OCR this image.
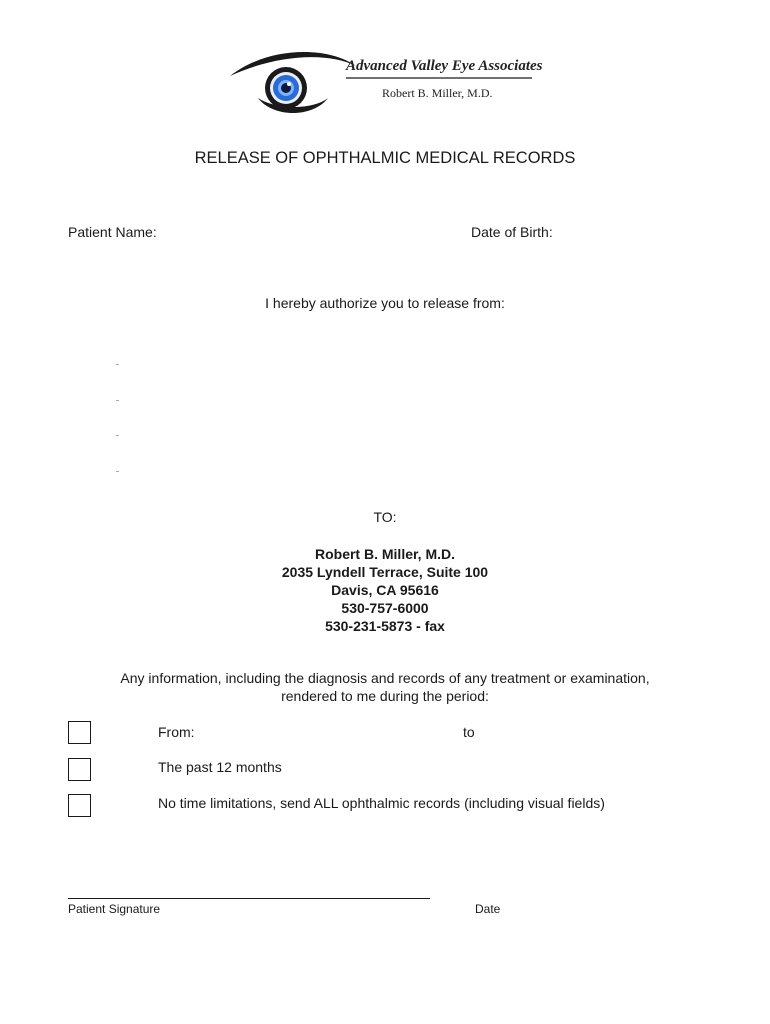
Advanced Valley Eye Associates
Robert B. Miller, M.D.
RELEASE OF OPHTHALMIC MEDICAL RECORDS
Patient Name:	Date of Birth:
I hereby authorize you to release from:
TO:
Robert B. Miller, M.D.
2035 Lyndell Terrace, Suite 100
Davis, CA 95616
530-757-6000
530-231-5873 - fax
Any information, including the diagnosis and records of any treatment or examination,
rendered to me during the period:
From:	to
The past 12 months
No time limitations, send ALL ophthalmic records (including visual fields)
Patient Signature	Date
